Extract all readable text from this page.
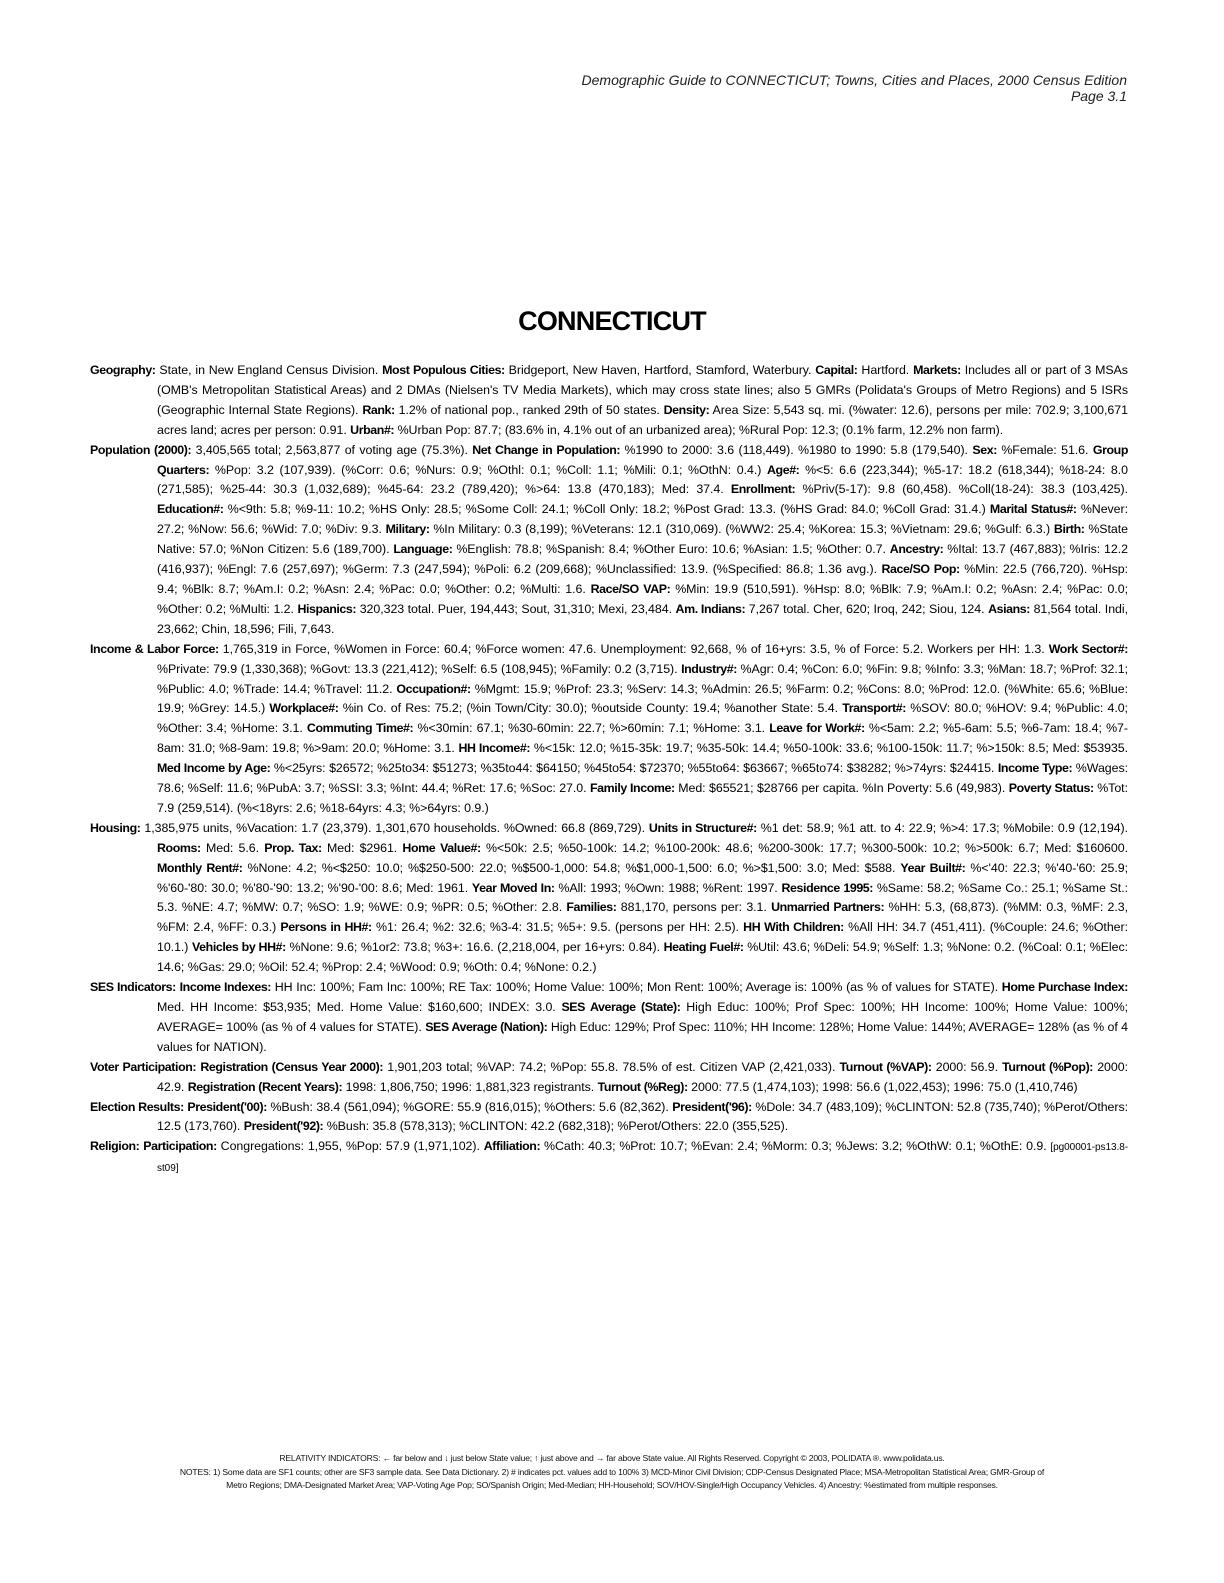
Demographic Guide to CONNECTICUT; Towns, Cities and Places, 2000 Census Edition
Page 3.1
CONNECTICUT

Geography: State, in New England Census Division. Most Populous Cities: Bridgeport, New Haven, Hartford, Stamford, Waterbury. Capital: Hartford. Markets: Includes all or part of 3 MSAs (OMB's Metropolitan Statistical Areas) and 2 DMAs (Nielsen's TV Media Markets), which may cross state lines; also 5 GMRs (Polidata's Groups of Metro Regions) and 5 ISRs (Geographic Internal State Regions). Rank: 1.2% of national pop., ranked 29th of 50 states. Density: Area Size: 5,543 sq. mi. (%water: 12.6), persons per mile: 702.9; 3,100,671 acres land; acres per person: 0.91. Urban#: %Urban Pop: 87.7; (83.6% in, 4.1% out of an urbanized area); %Rural Pop: 12.3; (0.1% farm, 12.2% non farm).

Population (2000): 3,405,565 total; 2,563,877 of voting age (75.3%). Net Change in Population: %1990 to 2000: 3.6 (118,449). %1980 to 1990: 5.8 (179,540). Sex: %Female: 51.6. Group Quarters: %Pop: 3.2 (107,939). (%Corr: 0.6; %Nurs: 0.9; %Othl: 0.1; %Coll: 1.1; %Mili: 0.1; %OthN: 0.4.) Age#: %<5: 6.6 (223,344); %5-17: 18.2 (618,344); %18-24: 8.0 (271,585); %25-44: 30.3 (1,032,689); %45-64: 23.2 (789,420); %>64: 13.8 (470,183); Med: 37.4. Enrollment: %Priv(5-17): 9.8 (60,458). %Coll(18-24): 38.3 (103,425). Education#: %<9th: 5.8; %9-11: 10.2; %HS Only: 28.5; %Some Coll: 24.1; %Coll Only: 18.2; %Post Grad: 13.3. (%HS Grad: 84.0; %Coll Grad: 31.4.) Marital Status#: %Never: 27.2; %Now: 56.6; %Wid: 7.0; %Div: 9.3. Military: %In Military: 0.3 (8,199); %Veterans: 12.1 (310,069). (%WW2: 25.4; %Korea: 15.3; %Vietnam: 29.6; %Gulf: 6.3.) Birth: %State Native: 57.0; %Non Citizen: 5.6 (189,700). Language: %English: 78.8; %Spanish: 8.4; %Other Euro: 10.6; %Asian: 1.5; %Other: 0.7. Ancestry: %Ital: 13.7 (467,883); %Iris: 12.2 (416,937); %Engl: 7.6 (257,697); %Germ: 7.3 (247,594); %Poli: 6.2 (209,668); %Unclassified: 13.9. (%Specified: 86.8; 1.36 avg.). Race/SO Pop: %Min: 22.5 (766,720). %Hsp: 9.4; %Blk: 8.7; %Am.I: 0.2; %Asn: 2.4; %Pac: 0.0; %Other: 0.2; %Multi: 1.6. Race/SO VAP: %Min: 19.9 (510,591). %Hsp: 8.0; %Blk: 7.9; %Am.I: 0.2; %Asn: 2.4; %Pac: 0.0; %Other: 0.2; %Multi: 1.2. Hispanics: 320,323 total. Puer, 194,443; Sout, 31,310; Mexi, 23,484. Am. Indians: 7,267 total. Cher, 620; Iroq, 242; Siou, 124. Asians: 81,564 total. Indi, 23,662; Chin, 18,596; Fili, 7,643.

Income & Labor Force: 1,765,319 in Force, %Women in Force: 60.4; %Force women: 47.6. Unemployment: 92,668, % of 16+yrs: 3.5, % of Force: 5.2. Workers per HH: 1.3. Work Sector#: %Private: 79.9 (1,330,368); %Govt: 13.3 (221,412); %Self: 6.5 (108,945); %Family: 0.2 (3,715). Industry#: %Agr: 0.4; %Con: 6.0; %Fin: 9.8; %Info: 3.3; %Man: 18.7; %Prof: 32.1; %Public: 4.0; %Trade: 14.4; %Travel: 11.2. Occupation#: %Mgmt: 15.9; %Prof: 23.3; %Serv: 14.3; %Admin: 26.5; %Farm: 0.2; %Cons: 8.0; %Prod: 12.0. (%White: 65.6; %Blue: 19.9; %Grey: 14.5.) Workplace#: %in Co. of Res: 75.2; (%in Town/City: 30.0); %outside County: 19.4; %another State: 5.4. Transport#: %SOV: 80.0; %HOV: 9.4; %Public: 4.0; %Other: 3.4; %Home: 3.1. Commuting Time#: %<30min: 67.1; %30-60min: 22.7; %>60min: 7.1; %Home: 3.1. Leave for Work#: %<5am: 2.2; %5-6am: 5.5; %6-7am: 18.4; %7-8am: 31.0; %8-9am: 19.8; %>9am: 20.0; %Home: 3.1. HH Income#: %<15k: 12.0; %15-35k: 19.7; %35-50k: 14.4; %50-100k: 33.6; %100-150k: 11.7; %>150k: 8.5; Med: $53935. Med Income by Age: %<25yrs: $26572; %25to34: $51273; %35to44: $64150; %45to54: $72370; %55to64: $63667; %65to74: $38282; %>74yrs: $24415. Income Type: %Wages: 78.6; %Self: 11.6; %PubA: 3.7; %SSI: 3.3; %Int: 44.4; %Ret: 17.6; %Soc: 27.0. Family Income: Med: $65521; $28766 per capita. %In Poverty: 5.6 (49,983). Poverty Status: %Tot: 7.9 (259,514). (%<18yrs: 2.6; %18-64yrs: 4.3; %>64yrs: 0.9.)

Housing: 1,385,975 units, %Vacation: 1.7 (23,379). 1,301,670 households. %Owned: 66.8 (869,729). Units in Structure#: %1 det: 58.9; %1 att. to 4: 22.9; %>4: 17.3; %Mobile: 0.9 (12,194). Rooms: Med: 5.6. Prop. Tax: Med: $2961. Home Value#: %<50k: 2.5; %50-100k: 14.2; %100-200k: 48.6; %200-300k: 17.7; %300-500k: 10.2; %>500k: 6.7; Med: $160600. Monthly Rent#: %None: 4.2; %<$250: 10.0; %$250-500: 22.0; %$500-1,000: 54.8; %$1,000-1,500: 6.0; %>$1,500: 3.0; Med: $588. Year Built#: %<'40: 22.3; %'40-'60: 25.9; %'60-'80: 30.0; %'80-'90: 13.2; %'90-'00: 8.6; Med: 1961. Year Moved In: %All: 1993; %Own: 1988; %Rent: 1997. Residence 1995: %Same: 58.2; %Same Co.: 25.1; %Same St.: 5.3. %NE: 4.7; %MW: 0.7; %SO: 1.9; %WE: 0.9; %PR: 0.5; %Other: 2.8. Families: 881,170, persons per: 3.1. Unmarried Partners: %HH: 5.3, (68,873). (%MM: 0.3, %MF: 2.3, %FM: 2.4, %FF: 0.3.) Persons in HH#: %1: 26.4; %2: 32.6; %3-4: 31.5; %5+: 9.5. (persons per HH: 2.5). HH With Children: %All HH: 34.7 (451,411). (%Couple: 24.6; %Other: 10.1.) Vehicles by HH#: %None: 9.6; %1or2: 73.8; %3+: 16.6. (2,218,004, per 16+yrs: 0.84). Heating Fuel#: %Util: 43.6; %Deli: 54.9; %Self: 1.3; %None: 0.2. (%Coal: 0.1; %Elec: 14.6; %Gas: 29.0; %Oil: 52.4; %Prop: 2.4; %Wood: 0.9; %Oth: 0.4; %None: 0.2.)

SES Indicators: Income Indexes: HH Inc: 100%; Fam Inc: 100%; RE Tax: 100%; Home Value: 100%; Mon Rent: 100%; Average is: 100% (as % of values for STATE). Home Purchase Index: Med. HH Income: $53,935; Med. Home Value: $160,600; INDEX: 3.0. SES Average (State): High Educ: 100%; Prof Spec: 100%; HH Income: 100%; Home Value: 100%; AVERAGE= 100% (as % of 4 values for STATE). SES Average (Nation): High Educ: 129%; Prof Spec: 110%; HH Income: 128%; Home Value: 144%; AVERAGE= 128% (as % of 4 values for NATION).

Voter Participation: Registration (Census Year 2000): 1,901,203 total; %VAP: 74.2; %Pop: 55.8. 78.5% of est. Citizen VAP (2,421,033). Turnout (%VAP): 2000: 56.9. Turnout (%Pop): 2000: 42.9. Registration (Recent Years): 1998: 1,806,750; 1996: 1,881,323 registrants. Turnout (%Reg): 2000: 77.5 (1,474,103); 1998: 56.6 (1,022,453); 1996: 75.0 (1,410,746)

Election Results: President('00): %Bush: 38.4 (561,094); %GORE: 55.9 (816,015); %Others: 5.6 (82,362). President('96): %Dole: 34.7 (483,109); %CLINTON: 52.8 (735,740); %Perot/Others: 12.5 (173,760). President('92): %Bush: 35.8 (578,313); %CLINTON: 42.2 (682,318); %Perot/Others: 22.0 (355,525).

Religion: Participation: Congregations: 1,955, %Pop: 57.9 (1,971,102). Affiliation: %Cath: 40.3; %Prot: 10.7; %Evan: 2.4; %Morm: 0.3; %Jews: 3.2; %OthW: 0.1; %OthE: 0.9. [pg00001-ps13.8-st09]

RELATIVITY INDICATORS: ← far below and ↓ just below State value; ↑ just above and → far above State value. All Rights Reserved. Copyright © 2003, POLIDATA ®. www.polidata.us.
NOTES: 1) Some data are SF1 counts; other are SF3 sample data. See Data Dictionary. 2) # indicates pct. values add to 100% 3) MCD-Minor Civil Division; CDP-Census Designated Place; MSA-Metropolitan Statistical Area; GMR-Group of
Metro Regions; DMA-Designated Market Area; VAP-Voting Age Pop; SO/Spanish Origin; Med-Median; HH-Household; SOV/HOV-Single/High Occupancy Vehicles. 4) Ancestry: %estimated from multiple responses.
